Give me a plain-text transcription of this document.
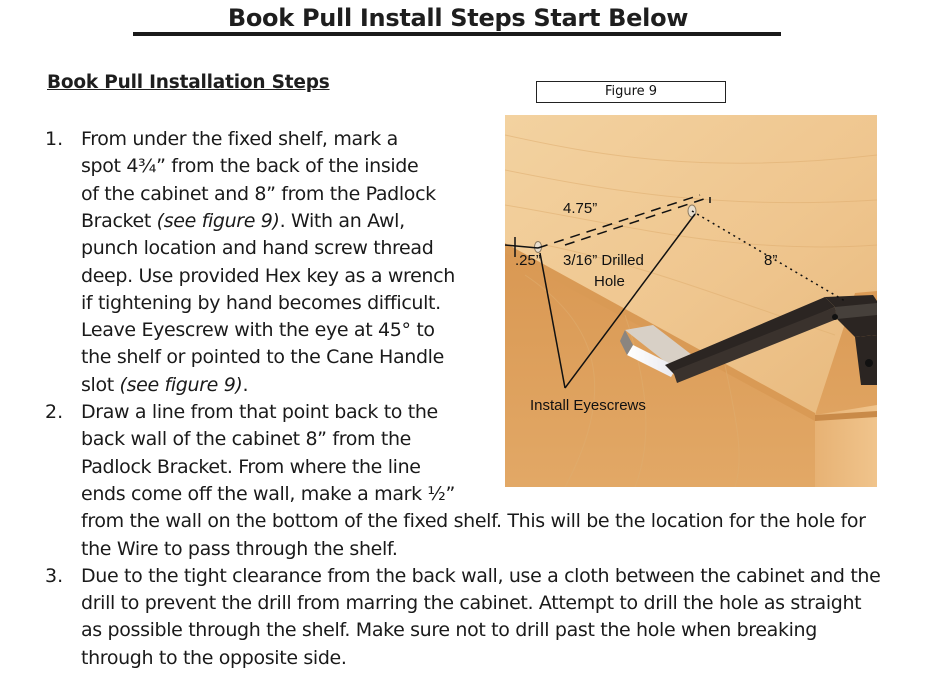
Book Pull Install Steps Start Below
Book Pull Installation Steps	Figure 9
4.75”
.25” 3/16” Drilled
Hole
8”
Install Eyescrews
1. From under the fixed shelf, mark a
spot 4¾” from the back of the inside
of the cabinet and 8” from the Padlock
Bracket (see figure 9). With an Awl,
punch location and hand screw thread
deep. Use provided Hex key as a wrench
if tightening by hand becomes difficult.
Leave Eyescrew with the eye at 45° to
the shelf or pointed to the Cane Handle
slot (see figure 9).
2. Draw a line from that point back to the
back wall of the cabinet 8” from the
Padlock Bracket. From where the line
ends come off the wall, make a mark ½”
from the wall on the bottom of the fixed shelf. This will be the location for the hole for
the Wire to pass through the shelf.
3. Due to the tight clearance from the back wall, use a cloth between the cabinet and the
drill to prevent the drill from marring the cabinet. Attempt to drill the hole as straight
as possible through the shelf. Make sure not to drill past the hole when breaking
through to the opposite side.
